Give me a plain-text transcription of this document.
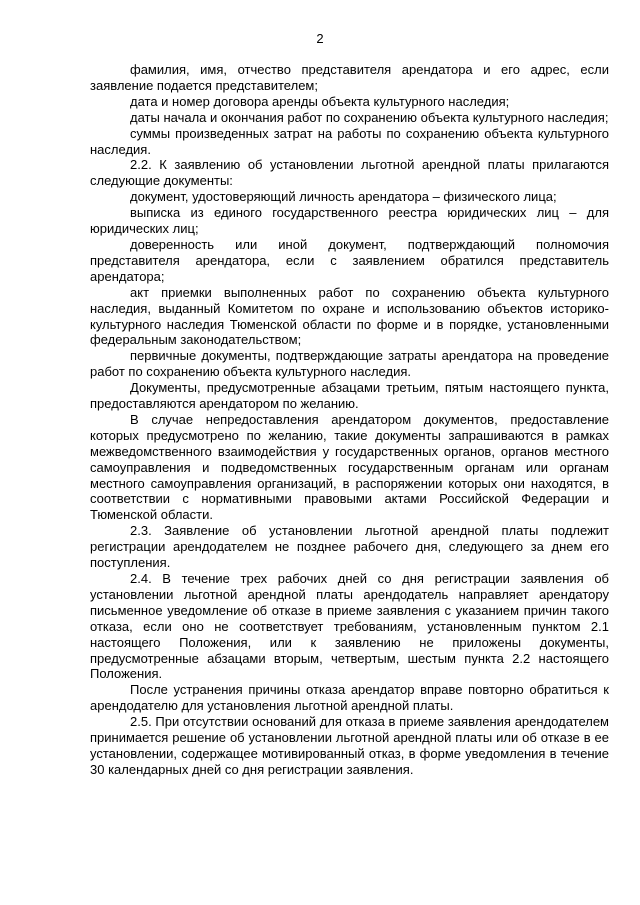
2

фамилия, имя, отчество представителя арендатора и его адрес, если заявление подается представителем;

дата и номер договора аренды объекта культурного наследия;

даты начала и окончания работ по сохранению объекта культурного наследия;

суммы произведенных затрат на работы по сохранению объекта культурного наследия.

2.2. К заявлению об установлении льготной арендной платы прилагаются следующие документы:

документ, удостоверяющий личность арендатора – физического лица;

выписка из единого государственного реестра юридических лиц – для юридических лиц;

доверенность или иной документ, подтверждающий полномочия представителя арендатора, если с заявлением обратился представитель арендатора;

акт приемки выполненных работ по сохранению объекта культурного наследия, выданный Комитетом по охране и использованию объектов историко-культурного наследия Тюменской области по форме и в порядке, установленными федеральным законодательством;

первичные документы, подтверждающие затраты арендатора на проведение работ по сохранению объекта культурного наследия.

Документы, предусмотренные абзацами третьим, пятым настоящего пункта, предоставляются арендатором по желанию.

В случае непредоставления арендатором документов, предоставление которых предусмотрено по желанию, такие документы запрашиваются в рамках межведомственного взаимодействия у государственных органов, органов местного самоуправления и подведомственных государственным органам или органам местного самоуправления организаций, в распоряжении которых они находятся, в соответствии с нормативными правовыми актами Российской Федерации и Тюменской области.

2.3. Заявление об установлении льготной арендной платы подлежит регистрации арендодателем не позднее рабочего дня, следующего за днем его поступления.

2.4. В течение трех рабочих дней со дня регистрации заявления об установлении льготной арендной платы арендодатель направляет арендатору письменное уведомление об отказе в приеме заявления с указанием причин такого отказа, если оно не соответствует требованиям, установленным пунктом 2.1 настоящего Положения, или к заявлению не приложены документы, предусмотренные абзацами вторым, четвертым, шестым пункта 2.2 настоящего Положения.

После устранения причины отказа арендатор вправе повторно обратиться к арендодателю для установления льготной арендной платы.

2.5. При отсутствии оснований для отказа в приеме заявления арендодателем принимается решение об установлении льготной арендной платы или об отказе в ее установлении, содержащее мотивированный отказ, в форме уведомления в течение 30 календарных дней со дня регистрации заявления.
